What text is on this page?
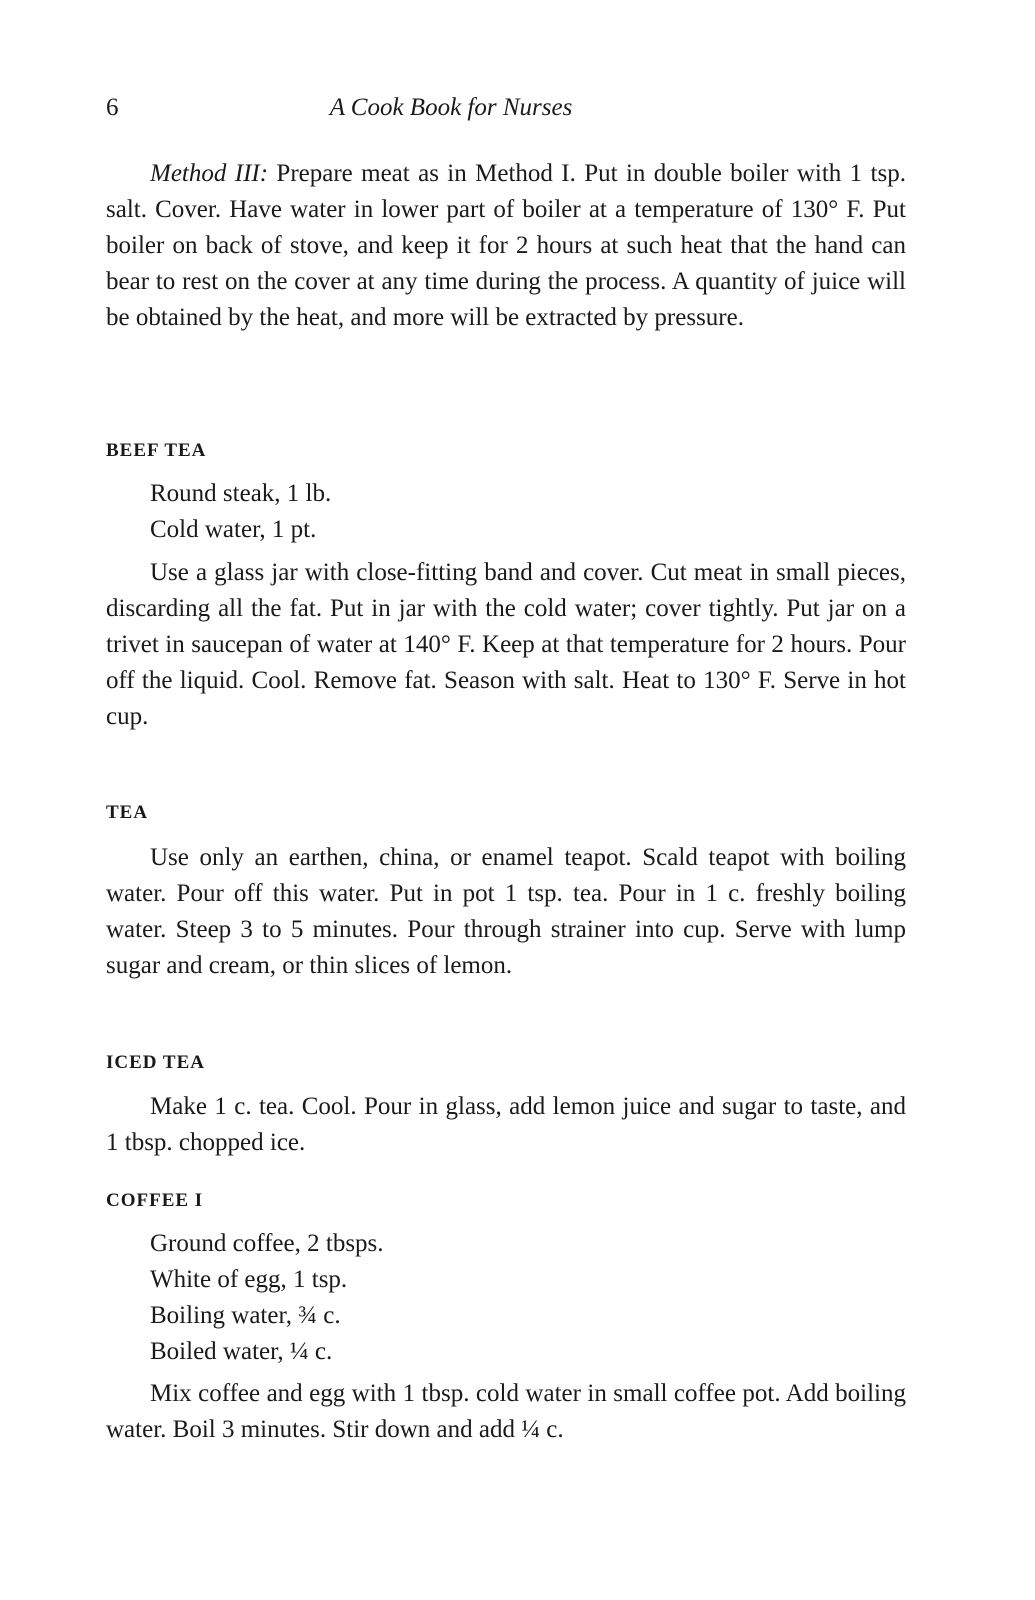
6	A Cook Book for Nurses

Method III: Prepare meat as in Method I. Put in double boiler with 1 tsp. salt. Cover. Have water in lower part of boiler at a temperature of 130° F. Put boiler on back of stove, and keep it for 2 hours at such heat that the hand can bear to rest on the cover at any time during the process. A quantity of juice will be obtained by the heat, and more will be extracted by pressure.

BEEF TEA
Round steak, 1 lb.
Cold water, 1 pt.

Use a glass jar with close-fitting band and cover. Cut meat in small pieces, discarding all the fat. Put in jar with the cold water; cover tightly. Put jar on a trivet in saucepan of water at 140° F. Keep at that temperature for 2 hours. Pour off the liquid. Cool. Remove fat. Season with salt. Heat to 130° F. Serve in hot cup.

TEA

Use only an earthen, china, or enamel teapot. Scald teapot with boiling water. Pour off this water. Put in pot 1 tsp. tea. Pour in 1 c. freshly boiling water. Steep 3 to 5 minutes. Pour through strainer into cup. Serve with lump sugar and cream, or thin slices of lemon.

ICED TEA

Make 1 c. tea. Cool. Pour in glass, add lemon juice and sugar to taste, and 1 tbsp. chopped ice.

COFFEE I
Ground coffee, 2 tbsps.
White of egg, 1 tsp.
Boiling water, ¾ c.
Boiled water, ¼ c.

Mix coffee and egg with 1 tbsp. cold water in small coffee pot. Add boiling water. Boil 3 minutes. Stir down and add ¼ c.
